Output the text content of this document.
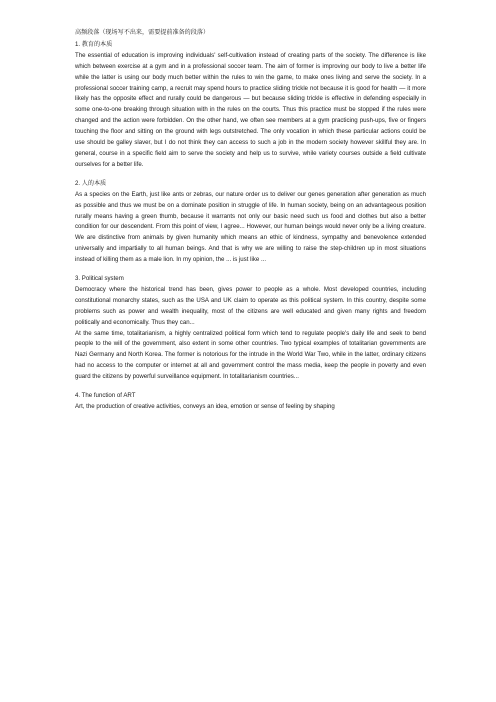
高频段落（现场写不出来，需要提前准备的段落）

1. 教育的本质

The essential of education is improving individuals' self-cultivation instead of creating parts of the society. The difference is like which between exercise at a gym and in a professional soccer team. The aim of former is improving our body to live a better life while the latter is using our body much better within the rules to win the game, to make ones living and serve the society. In a professional soccer training camp, a recruit may spend hours to practice sliding trickle not because it is good for health — it more likely has the opposite effect and rurally could be dangerous — but because sliding trickle is effective in defending especially in some one-to-one breaking through situation with in the rules on the courts. Thus this practice must be stopped if the rules were changed and the action were forbidden. On the other hand, we often see members at a gym practicing push-ups, five or fingers touching the floor and sitting on the ground with legs outstretched. The only vocation in which these particular actions could be use should be galley slaver, but I do not think they can access to such a job in the modern society however skillful they are. In general, course in a specific field aim to serve the society and help us to survive, while variety courses outside a field cultivate ourselves for a better life.

2. 人的本质

As a species on the Earth, just like ants or zebras, our nature order us to deliver our genes generation after generation as much as possible and thus we must be on a dominate position in struggle of life. In human society, being on an advantageous position rurally means having a green thumb, because it warrants not only our basic need such us food and clothes but also a better condition for our descendent. From this point of view, I agree... However, our human beings would never only be a living creature. We are distinctive from animals by given humanity which means an ethic of kindness, sympathy and benevolence extended universally and impartially to all human beings. And that is why we are willing to raise the step-children up in most situations instead of killing them as a male lion. In my opinion, the ... is just like ...

3. Political system

Democracy where the historical trend has been, gives power to people as a whole. Most developed countries, including constitutional monarchy states, such as the USA and UK claim to operate as this political system. In this country, despite some problems such as power and wealth inequality, most of the citizens are well educated and given many rights and freedom politically and economically. Thus they can...

At the same time, totalitarianism, a highly centralized political form which tend to regulate people's daily life and seek to bend people to the will of the government, also extent in some other countries. Two typical examples of totalitarian governments are Nazi Germany and North Korea. The former is notorious for the intrude in the World War Two, while in the latter, ordinary citizens had no access to the computer or internet at all and government control the mass media, keep the people in poverty and even guard the citizens by powerful surveillance equipment. In totalitarianism countries...

4. The function of ART

Art, the production of creative activities, conveys an idea, emotion or sense of feeling by shaping
